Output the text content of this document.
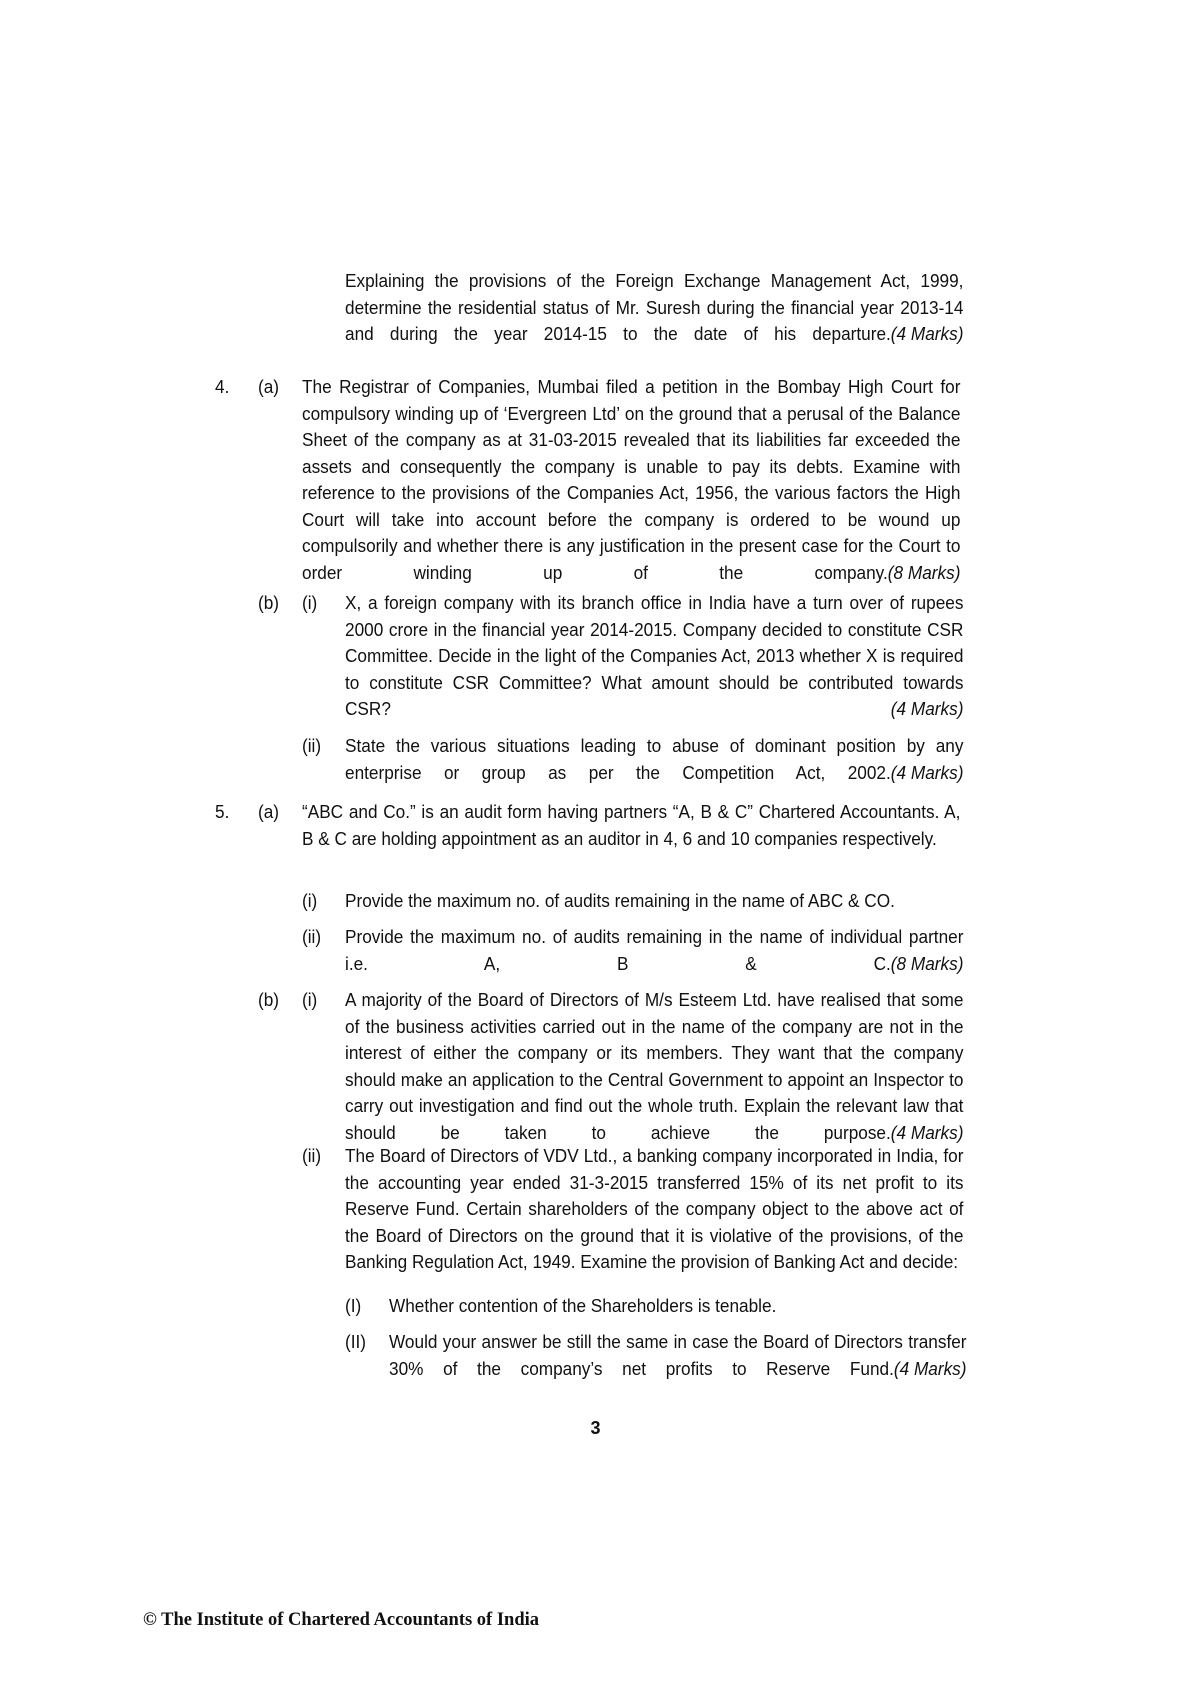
Explaining the provisions of the Foreign Exchange Management Act, 1999, determine the residential status of Mr. Suresh during the financial year 2013-14 and during the year 2014-15 to the date of his departure. (4 Marks)
4. (a) The Registrar of Companies, Mumbai filed a petition in the Bombay High Court for compulsory winding up of ‘Evergreen Ltd’ on the ground that a perusal of the Balance Sheet of the company as at 31-03-2015 revealed that its liabilities far exceeded the assets and consequently the company is unable to pay its debts. Examine with reference to the provisions of the Companies Act, 1956, the various factors the High Court will take into account before the company is ordered to be wound up compulsorily and whether there is any justification in the present case for the Court to order winding up of the company. (8 Marks)
(b) (i) X, a foreign company with its branch office in India have a turn over of rupees 2000 crore in the financial year 2014-2015. Company decided to constitute CSR Committee. Decide in the light of the Companies Act, 2013 whether X is required to constitute CSR Committee? What amount should be contributed towards CSR?	(4 Marks)
(ii) State the various situations leading to abuse of dominant position by any enterprise or group as per the Competition Act, 2002. (4 Marks)
5. (a) “ABC and Co.” is an audit form having partners “A, B & C” Chartered Accountants. A, B & C are holding appointment as an auditor in 4, 6 and 10 companies respectively.
(i) Provide the maximum no. of audits remaining in the name of ABC & CO.
(ii) Provide the maximum no. of audits remaining in the name of individual partner i.e. A, B & C. (8 Marks)
(b) (i) A majority of the Board of Directors of M/s Esteem Ltd. have realised that some of the business activities carried out in the name of the company are not in the interest of either the company or its members. They want that the company should make an application to the Central Government to appoint an Inspector to carry out investigation and find out the whole truth. Explain the relevant law that should be taken to achieve the purpose. (4 Marks)
(ii) The Board of Directors of VDV Ltd., a banking company incorporated in India, for the accounting year ended 31-3-2015 transferred 15% of its net profit to its Reserve Fund. Certain shareholders of the company object to the above act of the Board of Directors on the ground that it is violative of the provisions, of the Banking Regulation Act, 1949. Examine the provision of Banking Act and decide:
(I) Whether contention of the Shareholders is tenable.
(II) Would your answer be still the same in case the Board of Directors transfer 30% of the company’s net profits to Reserve Fund. (4 Marks)
3
© The Institute of Chartered Accountants of India
